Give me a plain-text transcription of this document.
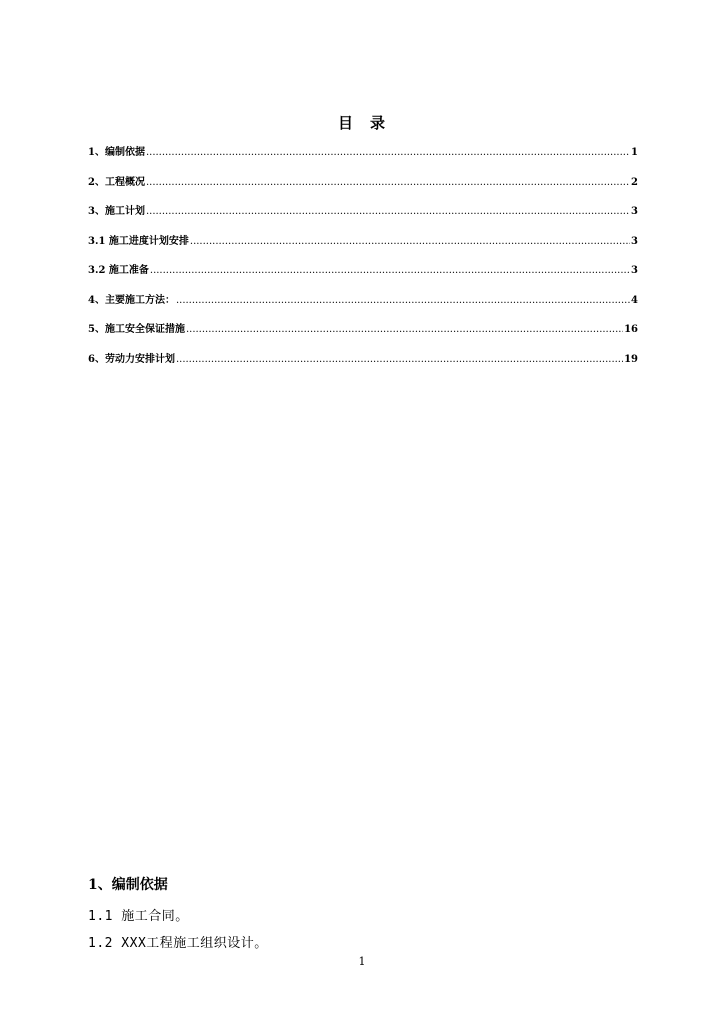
目　录
1、编制依据 .....	1
2、工程概况 .....	2
3、施工计划 .....	3
3.1 施工进度计划安排 .....	3
3.2 施工准备 .....	3
4、主要施工方法： .....	4
5、施工安全保证措施 .....	16
6、劳动力安排计划 .....	19
1、编制依据
1.1 施工合同。
1.2 XXX工程施工组织设计。
1
